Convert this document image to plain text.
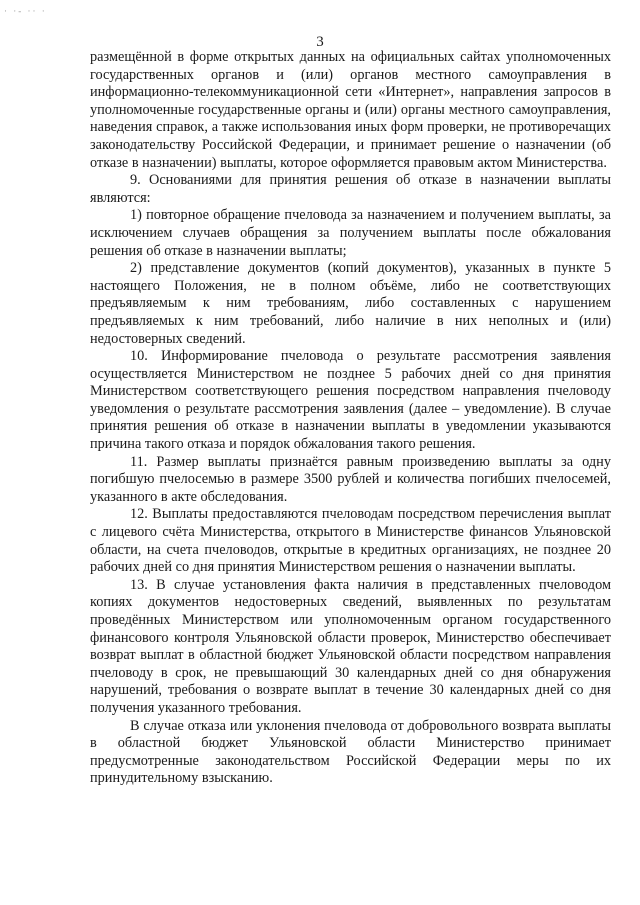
· ·- ·· ·
3

размещённой в форме открытых данных на официальных сайтах уполномоченных государственных органов и (или) органов местного самоуправления в информационно-телекоммуникационной сети «Интернет», направления запросов в уполномоченные государственные органы и (или) органы местного самоуправления, наведения справок, а также использования иных форм проверки, не противоречащих законодательству Российской Федерации, и принимает решение о назначении (об отказе в назначении) выплаты, которое оформляется правовым актом Министерства.

9. Основаниями для принятия решения об отказе в назначении выплаты являются:

1) повторное обращение пчеловода за назначением и получением выплаты, за исключением случаев обращения за получением выплаты после обжалования решения об отказе в назначении выплаты;

2) представление документов (копий документов), указанных в пункте 5 настоящего Положения, не в полном объёме, либо не соответствующих предъявляемым к ним требованиям, либо составленных с нарушением предъявляемых к ним требований, либо наличие в них неполных и (или) недостоверных сведений.

10. Информирование пчеловода о результате рассмотрения заявления осуществляется Министерством не позднее 5 рабочих дней со дня принятия Министерством соответствующего решения посредством направления пчеловоду уведомления о результате рассмотрения заявления (далее – уведомление). В случае принятия решения об отказе в назначении выплаты в уведомлении указываются причина такого отказа и порядок обжалования такого решения.

11. Размер выплаты признаётся равным произведению выплаты за одну погибшую пчелосемью в размере 3500 рублей и количества погибших пчелосемей, указанного в акте обследования.

12. Выплаты предоставляются пчеловодам посредством перечисления выплат с лицевого счёта Министерства, открытого в Министерстве финансов Ульяновской области, на счета пчеловодов, открытые в кредитных организациях, не позднее 20 рабочих дней со дня принятия Министерством решения о назначении выплаты.

13. В случае установления факта наличия в представленных пчеловодом копиях документов недостоверных сведений, выявленных по результатам проведённых Министерством или уполномоченным органом государственного финансового контроля Ульяновской области проверок, Министерство обеспечивает возврат выплат в областной бюджет Ульяновской области посредством направления пчеловоду в срок, не превышающий 30 календарных дней со дня обнаружения нарушений, требования о возврате выплат в течение 30 календарных дней со дня получения указанного требования.

В случае отказа или уклонения пчеловода от добровольного возврата выплаты в областной бюджет Ульяновской области Министерство принимает предусмотренные законодательством Российской Федерации меры по их принудительному взысканию.
